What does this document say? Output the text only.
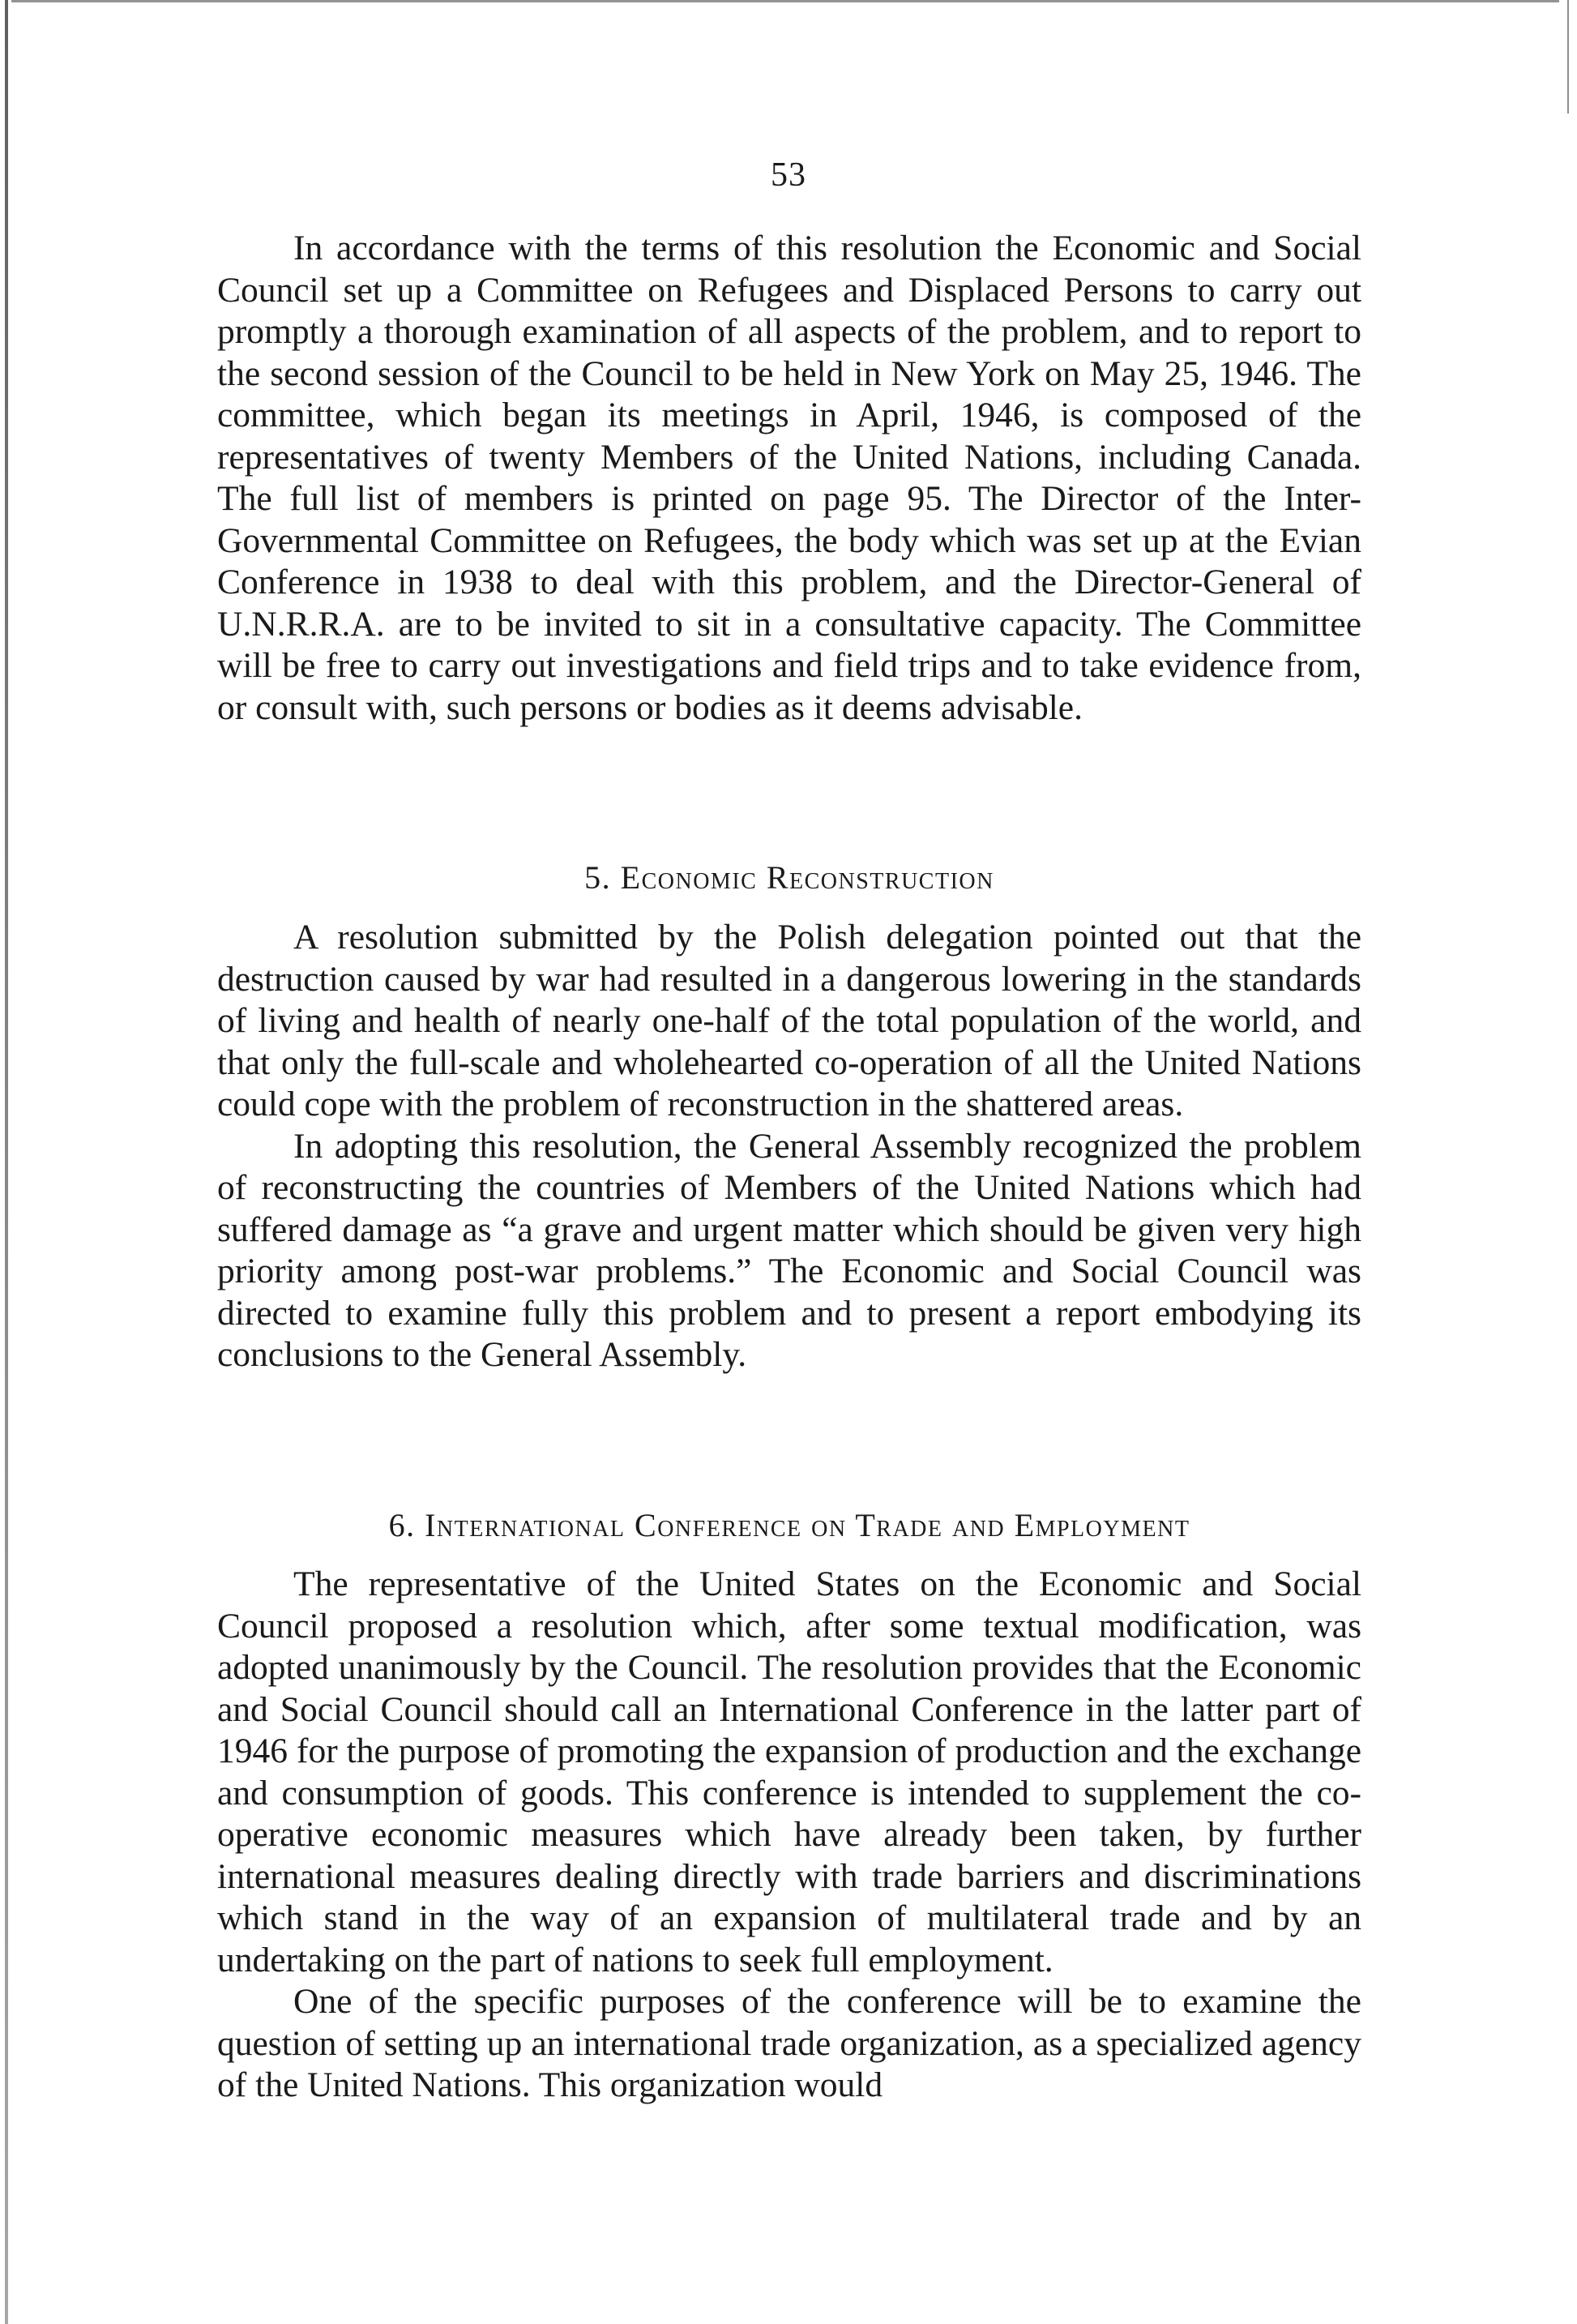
53

In accordance with the terms of this resolution the Economic and Social Council set up a Committee on Refugees and Displaced Persons to carry out promptly a thorough examination of all aspects of the problem, and to report to the second session of the Council to be held in New York on May 25, 1946. The committee, which began its meetings in April, 1946, is composed of the representatives of twenty Members of the United Nations, including Canada. The full list of members is printed on page 95. The Director of the Inter-Governmental Committee on Refugees, the body which was set up at the Evian Conference in 1938 to deal with this problem, and the Director-General of U.N.R.R.A. are to be invited to sit in a consultative capacity. The Committee will be free to carry out investigations and field trips and to take evidence from, or consult with, such persons or bodies as it deems advisable.

5. Economic Reconstruction

A resolution submitted by the Polish delegation pointed out that the destruction caused by war had resulted in a dangerous lowering in the standards of living and health of nearly one-half of the total population of the world, and that only the full-scale and wholehearted co-operation of all the United Nations could cope with the problem of reconstruction in the shattered areas.

In adopting this resolution, the General Assembly recognized the problem of reconstructing the countries of Members of the United Nations which had suffered damage as “a grave and urgent matter which should be given very high priority among post-war problems.” The Economic and Social Council was directed to examine fully this problem and to present a report embodying its conclusions to the General Assembly.

6. International Conference on Trade and Employment

The representative of the United States on the Economic and Social Council proposed a resolution which, after some textual modification, was adopted unanimously by the Council. The resolution provides that the Economic and Social Council should call an International Conference in the latter part of 1946 for the purpose of promoting the expansion of production and the exchange and consumption of goods. This conference is intended to supplement the co-operative economic measures which have already been taken, by further international measures dealing directly with trade barriers and discriminations which stand in the way of an expansion of multilateral trade and by an undertaking on the part of nations to seek full employment.

One of the specific purposes of the conference will be to examine the question of setting up an international trade organization, as a specialized agency of the United Nations. This organization would
